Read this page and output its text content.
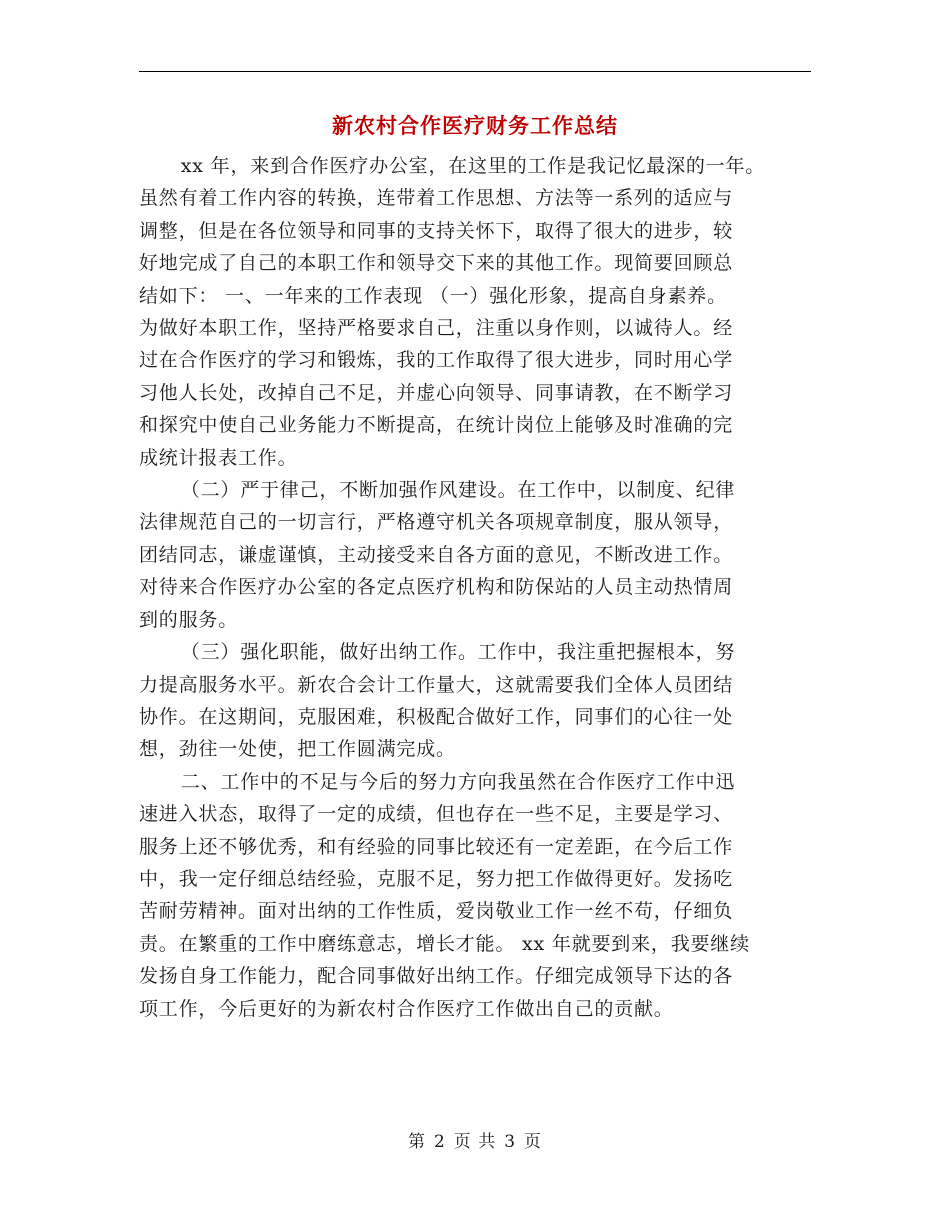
新农村合作医疗财务工作总结
xx 年，来到合作医疗办公室，在这里的工作是我记忆最深的一年。
虽然有着工作内容的转换，连带着工作思想、方法等一系列的适应与
调整，但是在各位领导和同事的支持关怀下，取得了很大的进步，较
好地完成了自己的本职工作和领导交下来的其他工作。现简要回顾总
结如下： 一、一年来的工作表现 （一）强化形象，提高自身素养。
为做好本职工作，坚持严格要求自己，注重以身作则，以诚待人。经
过在合作医疗的学习和锻炼，我的工作取得了很大进步，同时用心学
习他人长处，改掉自己不足，并虚心向领导、同事请教，在不断学习
和探究中使自己业务能力不断提高，在统计岗位上能够及时准确的完
成统计报表工作。
（二）严于律己，不断加强作风建设。在工作中，以制度、纪律
法律规范自己的一切言行，严格遵守机关各项规章制度，服从领导，
团结同志，谦虚谨慎，主动接受来自各方面的意见，不断改进工作。
对待来合作医疗办公室的各定点医疗机构和防保站的人员主动热情周
到的服务。
（三）强化职能，做好出纳工作。工作中，我注重把握根本，努
力提高服务水平。新农合会计工作量大，这就需要我们全体人员团结
协作。在这期间，克服困难，积极配合做好工作，同事们的心往一处
想，劲往一处使，把工作圆满完成。
二、工作中的不足与今后的努力方向我虽然在合作医疗工作中迅
速进入状态，取得了一定的成绩，但也存在一些不足，主要是学习、
服务上还不够优秀，和有经验的同事比较还有一定差距，在今后工作
中，我一定仔细总结经验，克服不足，努力把工作做得更好。发扬吃
苦耐劳精神。面对出纳的工作性质，爱岗敬业工作一丝不苟，仔细负
责。在繁重的工作中磨练意志，增长才能。 xx 年就要到来，我要继续
发扬自身工作能力，配合同事做好出纳工作。仔细完成领导下达的各
项工作，今后更好的为新农村合作医疗工作做出自己的贡献。
第 2 页 共 3 页
